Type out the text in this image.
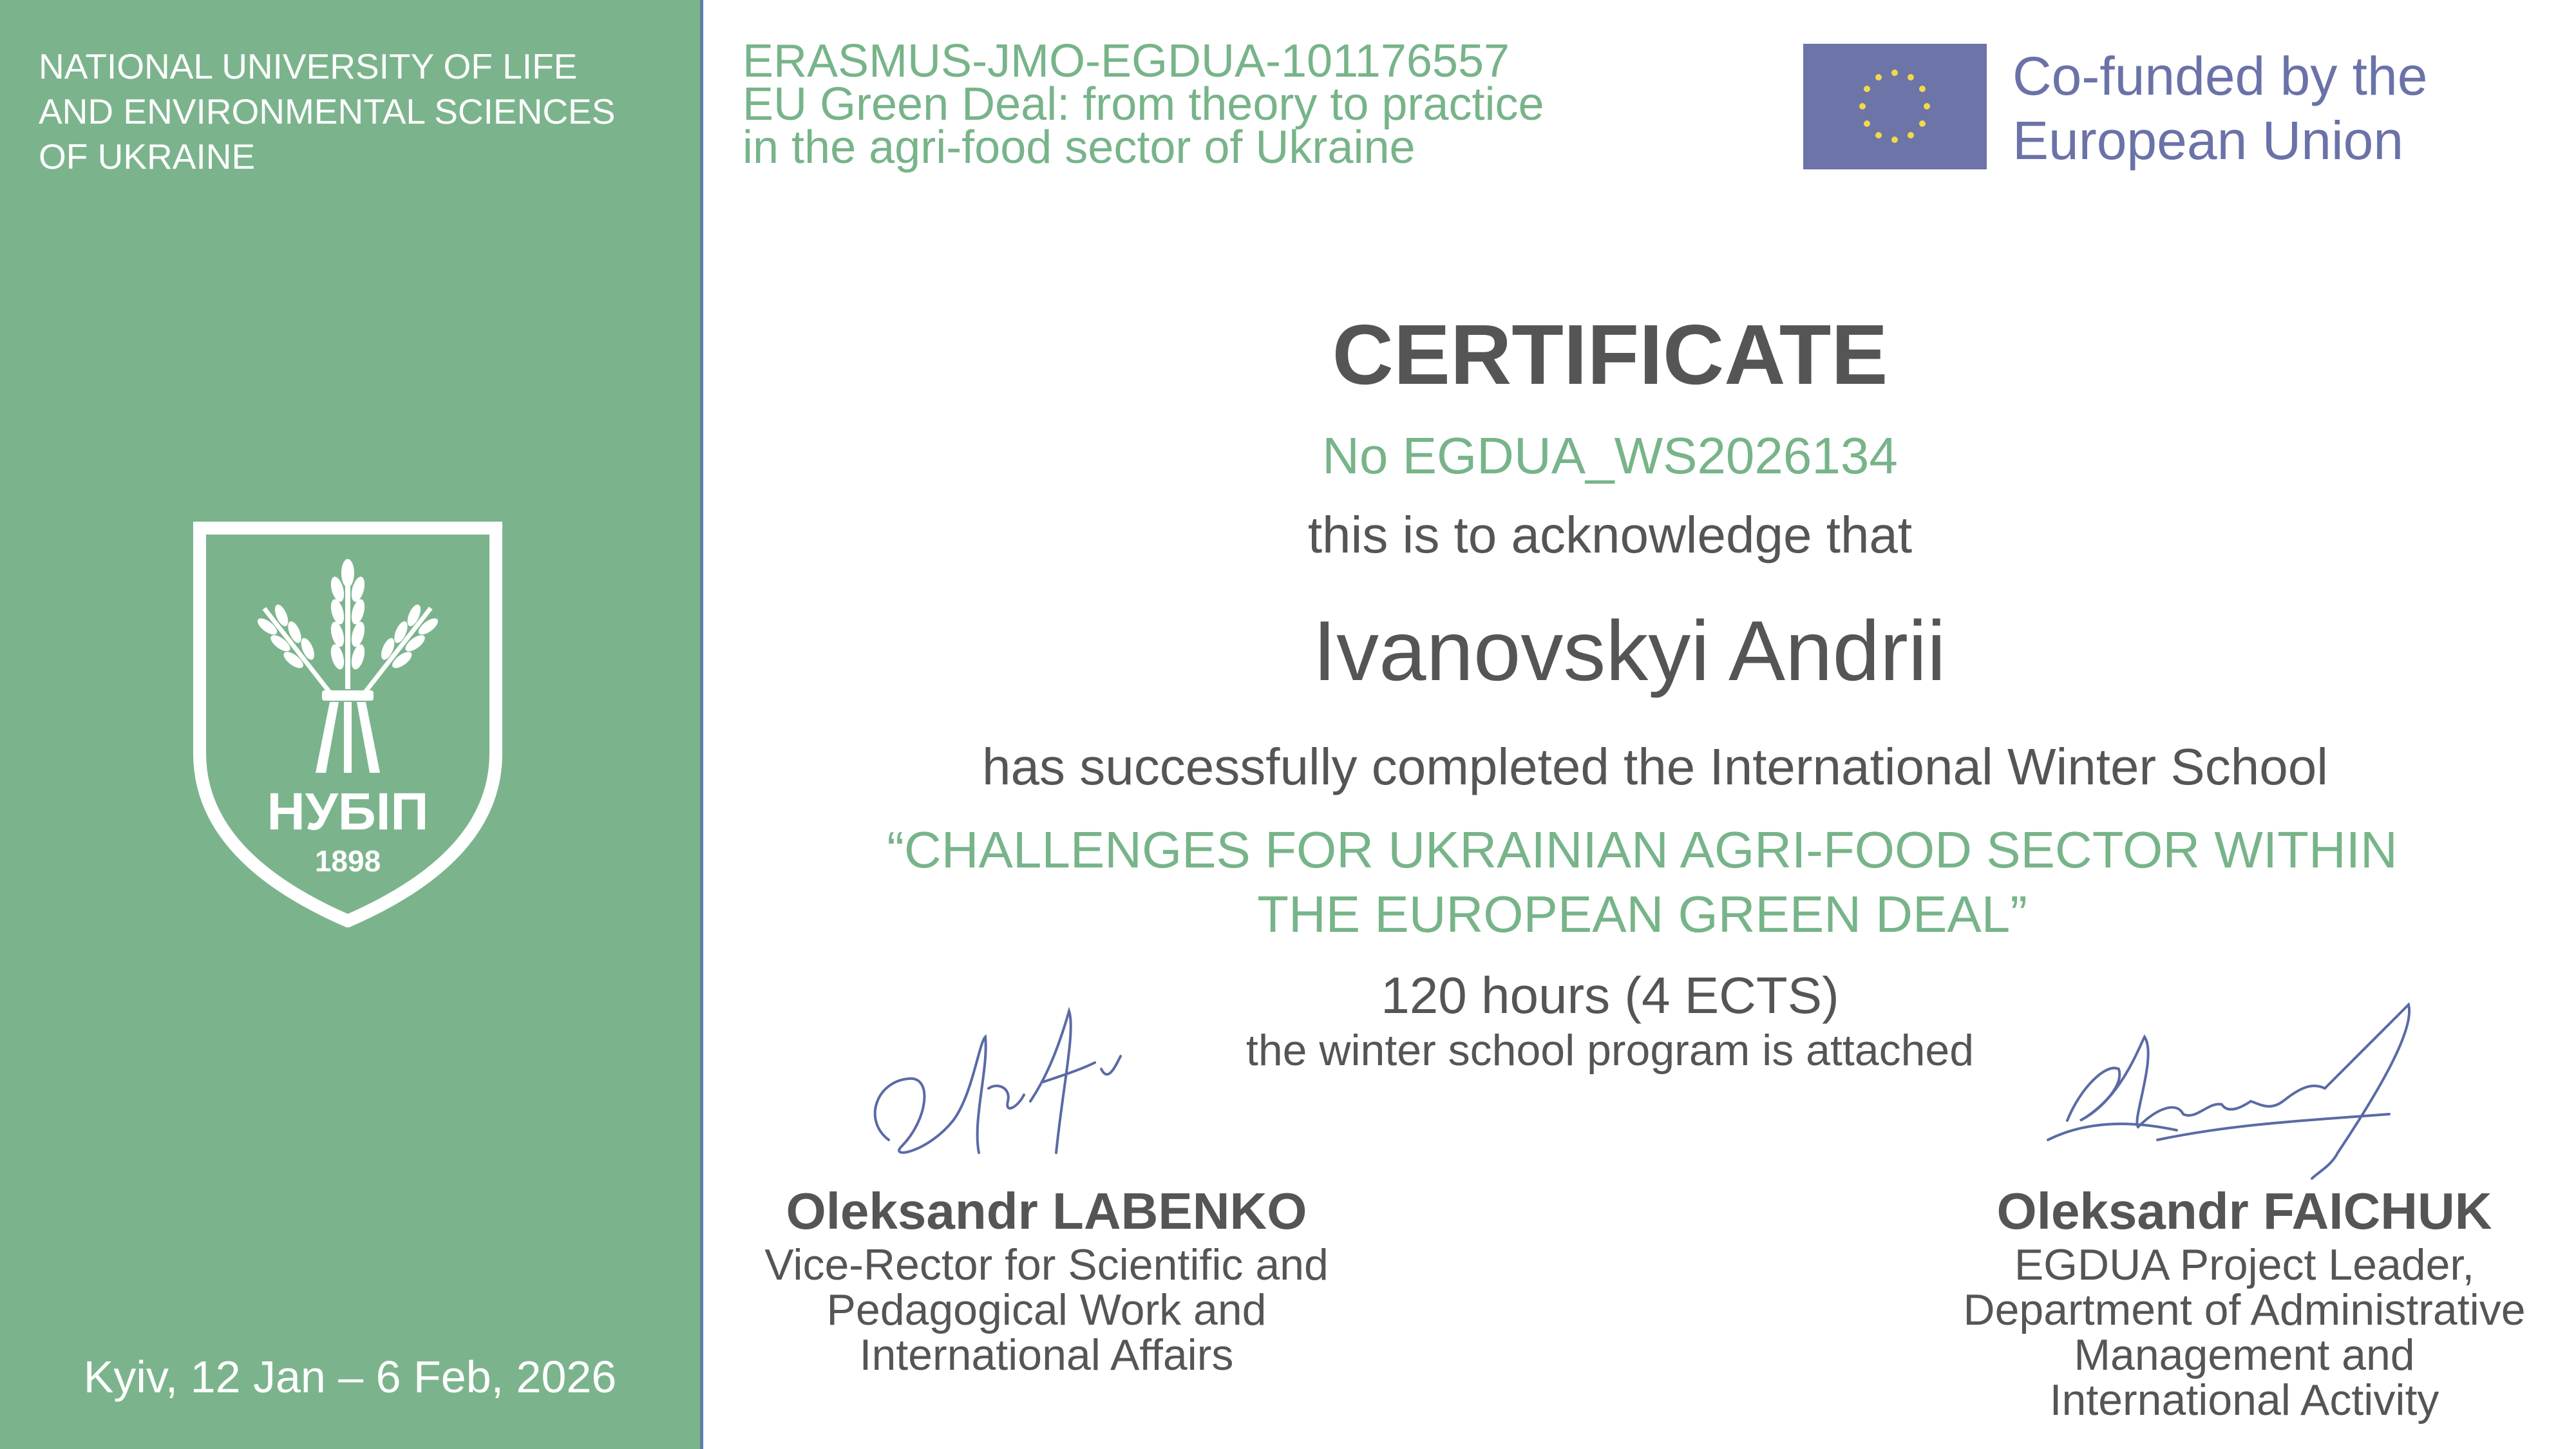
NATIONAL UNIVERSITY OF LIFE
AND ENVIRONMENTAL SCIENCES
OF UKRAINE
НУБІП
1898
Kyiv, 12 Jan – 6 Feb, 2026
ERASMUS-JMO-EGDUA-101176557
EU Green Deal: from theory to practice
in the agri-food sector of Ukraine
Co-funded by the
European Union
CERTIFICATE
No EGDUA_WS2026134
this is to acknowledge that
Ivanovskyi Andrii
has successfully completed the International Winter School
“CHALLENGES FOR UKRAINIAN AGRI-FOOD SECTOR WITHIN
THE EUROPEAN GREEN DEAL”
120 hours (4 ECTS)
the winter school program is attached
Oleksandr LABENKO
Vice-Rector for Scientific and
Pedagogical Work and
International Affairs
Oleksandr FAICHUK
EGDUA Project Leader,
Department of Administrative
Management and
International Activity
